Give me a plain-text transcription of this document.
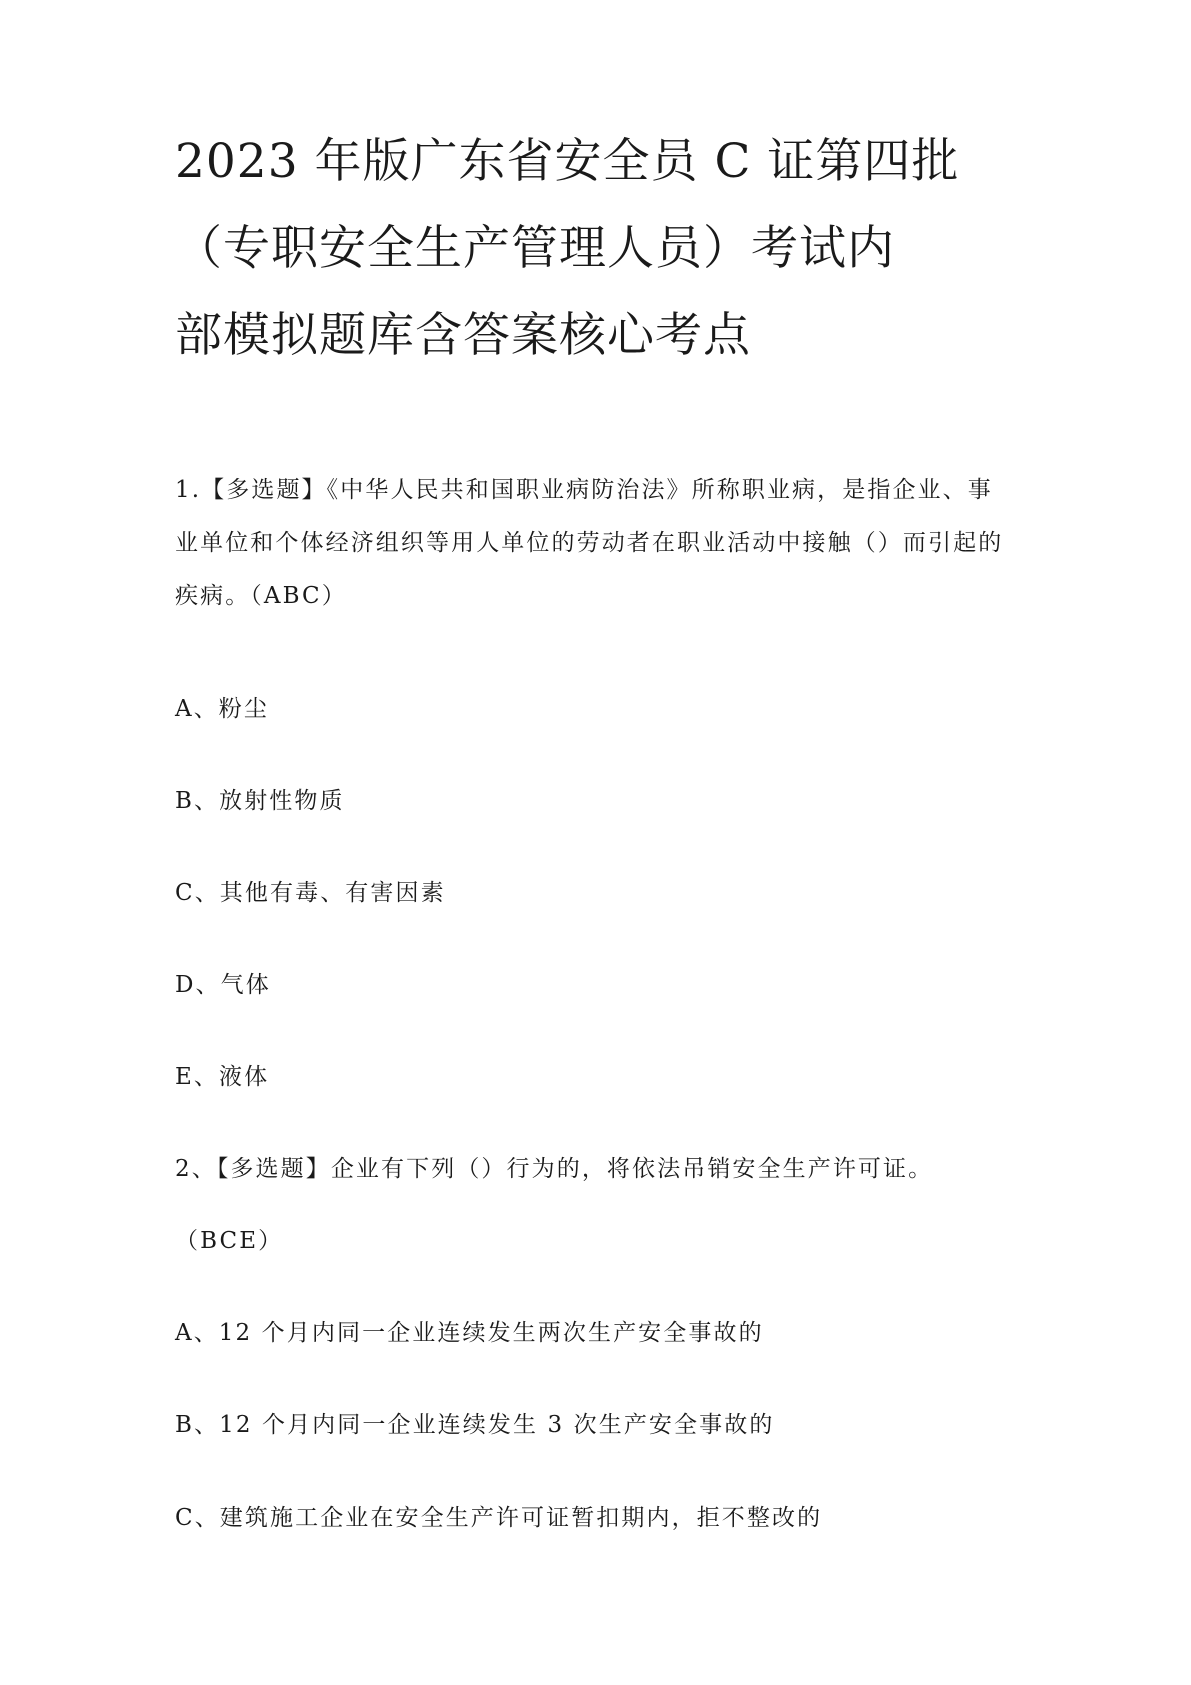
2023 年版广东省安全员 C 证第四批
（专职安全生产管理人员）考试内
部模拟题库含答案核心考点
1.【多选题】《中华人民共和国职业病防治法》所称职业病，是指企业、事
业单位和个体经济组织等用人单位的劳动者在职业活动中接触（）而引起的
疾病。（ABC）
A、粉尘
B、放射性物质
C、其他有毒、有害因素
D、气体
E、液体
2、【多选题】企业有下列（）行为的，将依法吊销安全生产许可证。
（BCE）
A、12 个月内同一企业连续发生两次生产安全事故的
B、12 个月内同一企业连续发生 3 次生产安全事故的
C、建筑施工企业在安全生产许可证暂扣期内，拒不整改的
